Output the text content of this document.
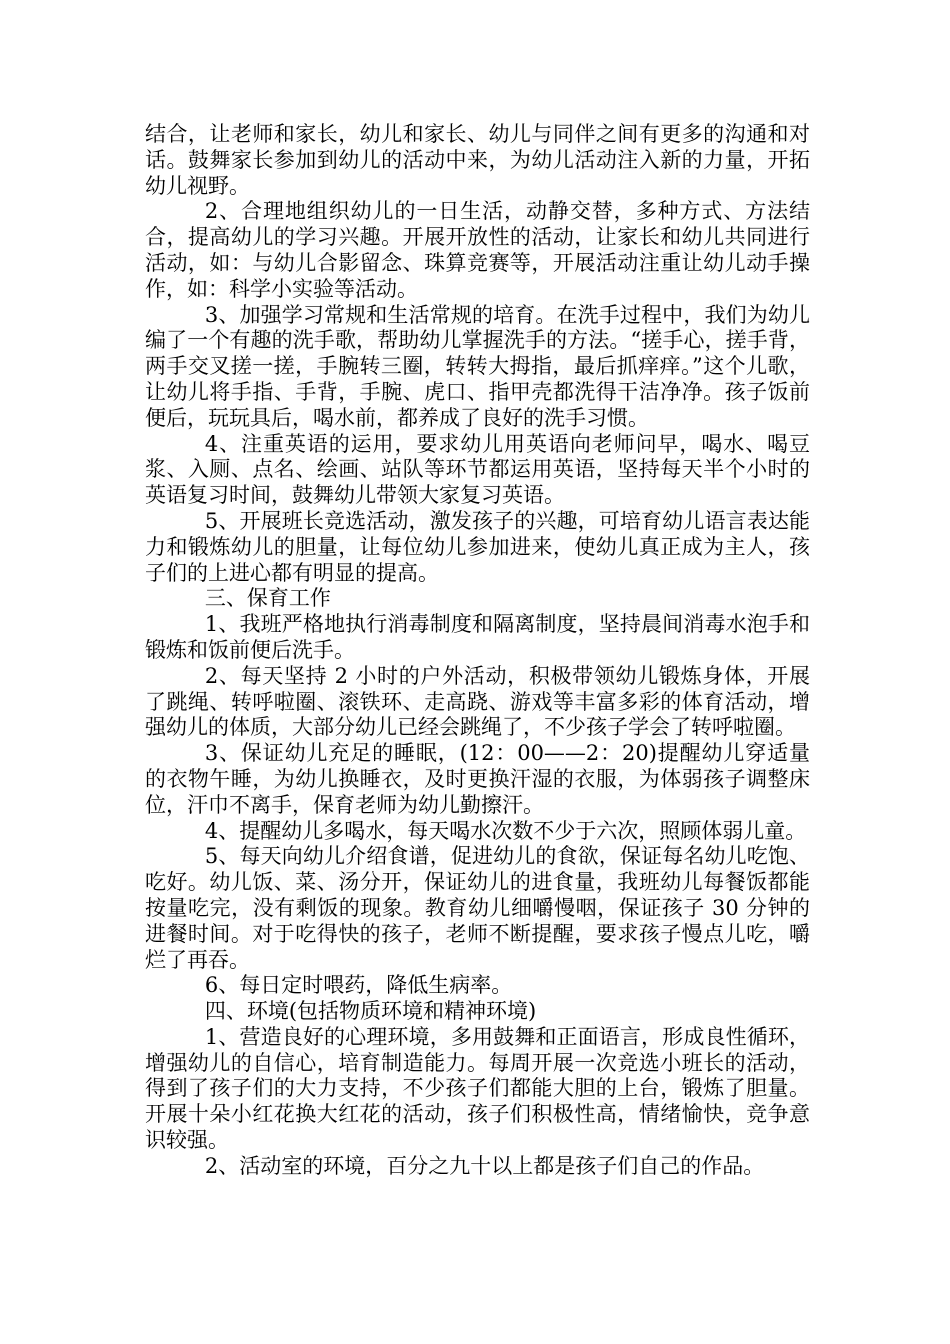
结合，让老师和家长，幼儿和家长、幼儿与同伴之间有更多的沟通和对话。鼓舞家长参加到幼儿的活动中来，为幼儿活动注入新的力量，开拓幼儿视野。

2、合理地组织幼儿的一日生活，动静交替，多种方式、方法结合，提高幼儿的学习兴趣。开展开放性的活动，让家长和幼儿共同进行活动，如：与幼儿合影留念、珠算竞赛等，开展活动注重让幼儿动手操作，如：科学小实验等活动。

3、加强学习常规和生活常规的培育。在洗手过程中，我们为幼儿编了一个有趣的洗手歌，帮助幼儿掌握洗手的方法。“搓手心，搓手背，两手交叉搓一搓，手腕转三圈，转转大拇指，最后抓痒痒。”这个儿歌，让幼儿将手指、手背，手腕、虎口、指甲壳都洗得干洁净净。孩子饭前便后，玩玩具后，喝水前，都养成了良好的洗手习惯。

4、注重英语的运用，要求幼儿用英语向老师问早，喝水、喝豆浆、入厕、点名、绘画、站队等环节都运用英语，坚持每天半个小时的英语复习时间，鼓舞幼儿带领大家复习英语。

5、开展班长竞选活动，激发孩子的兴趣，可培育幼儿语言表达能力和锻炼幼儿的胆量，让每位幼儿参加进来，使幼儿真正成为主人，孩子们的上进心都有明显的提高。

三、保育工作

1、我班严格地执行消毒制度和隔离制度，坚持晨间消毒水泡手和锻炼和饭前便后洗手。

2、每天坚持 2 小时的户外活动，积极带领幼儿锻炼身体，开展了跳绳、转呼啦圈、滚铁环、走高跷、游戏等丰富多彩的体育活动，增强幼儿的体质，大部分幼儿已经会跳绳了，不少孩子学会了转呼啦圈。

3、保证幼儿充足的睡眠，(12：00——2：20)提醒幼儿穿适量的衣物午睡，为幼儿换睡衣，及时更换汗湿的衣服，为体弱孩子调整床位，汗巾不离手，保育老师为幼儿勤擦汗。

4、提醒幼儿多喝水，每天喝水次数不少于六次，照顾体弱儿童。

5、每天向幼儿介绍食谱，促进幼儿的食欲，保证每名幼儿吃饱、吃好。幼儿饭、菜、汤分开，保证幼儿的进食量，我班幼儿每餐饭都能按量吃完，没有剩饭的现象。教育幼儿细嚼慢咽，保证孩子 30 分钟的进餐时间。对于吃得快的孩子，老师不断提醒，要求孩子慢点儿吃，嚼烂了再吞。

6、每日定时喂药，降低生病率。

四、环境(包括物质环境和精神环境)

1、营造良好的心理环境，多用鼓舞和正面语言，形成良性循环，增强幼儿的自信心，培育制造能力。每周开展一次竞选小班长的活动，得到了孩子们的大力支持，不少孩子们都能大胆的上台，锻炼了胆量。开展十朵小红花换大红花的活动，孩子们积极性高，情绪愉快，竞争意识较强。

2、活动室的环境，百分之九十以上都是孩子们自己的作品。
